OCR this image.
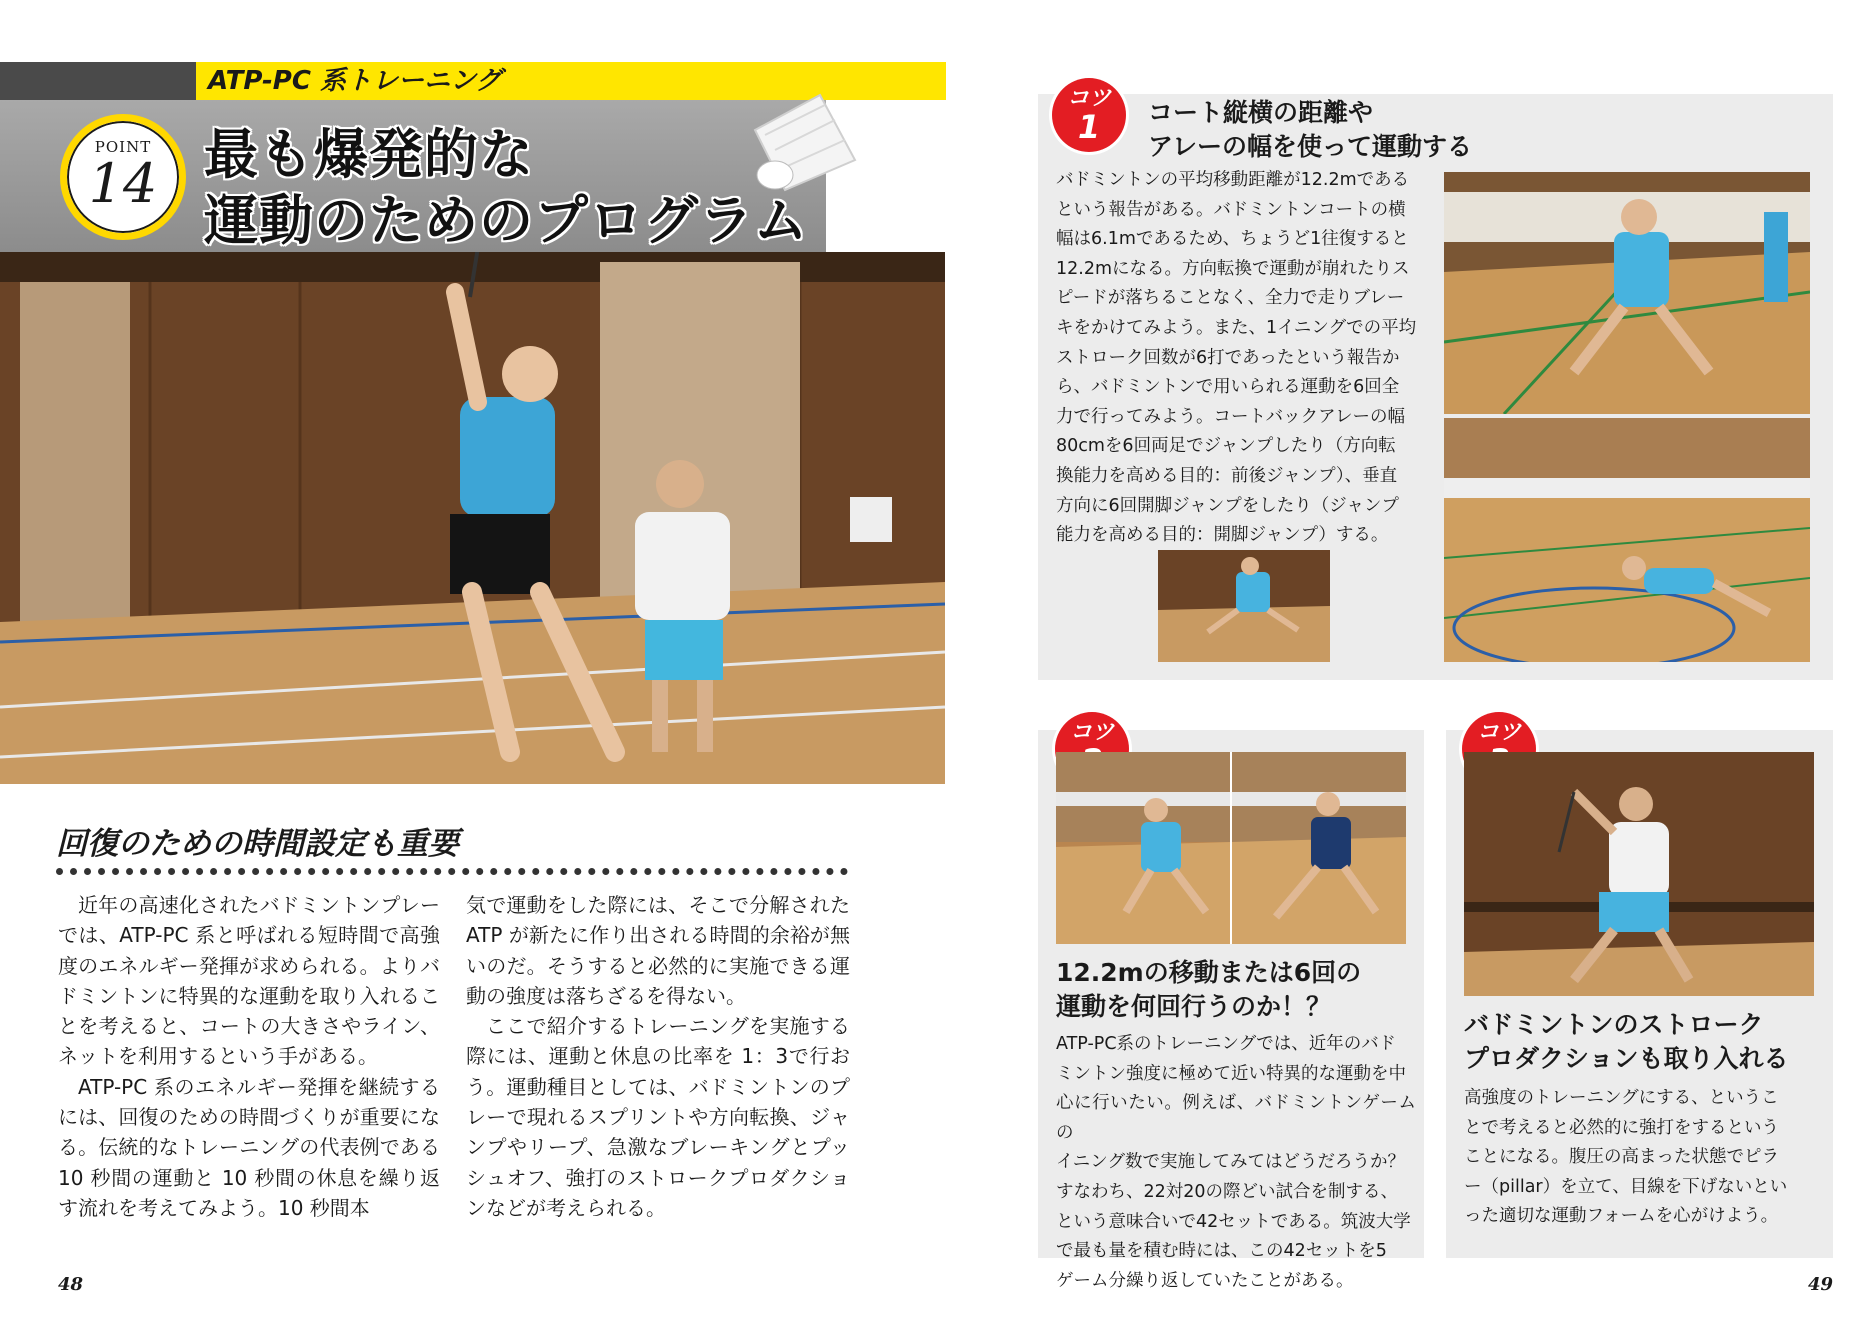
ATP-PC 系トレーニング
POINT
14 最も爆発的な
運動のためのプログラム
回復のための時間設定も重要

近年の高速化されたバドミントンプレーでは、ATP-PC 系と呼ばれる短時間で高強度のエネルギー発揮が求められる。よりバドミントンに特異的な運動を取り入れることを考えると、コートの大きさやライン、ネットを利用するという手がある。

ATP-PC 系のエネルギー発揮を継続するには、回復のための時間づくりが重要になる。伝統的なトレーニングの代表例である 10 秒間の運動と 10 秒間の休息を繰り返す流れを考えてみよう。10 秒間本

気で運動をした際には、そこで分解された ATP が新たに作り出される時間的余裕が無いのだ。そうすると必然的に実施できる運動の強度は落ちざるを得ない。

ここで紹介するトレーニングを実施する際には、運動と休息の比率を 1：3で行おう。運動種目としては、バドミントンのプレーで現れるスプリントや方向転換、ジャンプやリープ、急激なブレーキングとプッシュオフ、強打のストロークプロダクションなどが考えられる。

48
コツ
1	コート縦横の距離や
アレーの幅を使って運動する
バドミントンの平均移動距離が12.2mである
という報告がある。バドミントンコートの横
幅は6.1mであるため、ちょうど1往復すると
12.2mになる。方向転換で運動が崩れたりス
ピードが落ちることなく、全力で走りブレー
キをかけてみよう。また、1イニングでの平均
ストローク回数が6打であったという報告か
ら、バドミントンで用いられる運動を6回全
力で行ってみよう。コートバックアレーの幅
80cmを6回両足でジャンプしたり（方向転
換能力を高める目的：前後ジャンプ）、垂直
方向に6回開脚ジャンプをしたり（ジャンプ
能力を高める目的：開脚ジャンプ）する。
コツ
12.2mの移動または6回の
運動を何回行うのか！？
ATP-PC系のトレーニングでは、近年のバド
ミントン強度に極めて近い特異的な運動を中
心に行いたい。例えば、バドミントンゲームの
イニング数で実施してみてはどうだろうか？
すなわち、22対20の際どい試合を制する、
という意味合いで42セットである。筑波大学
で最も量を積む時には、この42セットを5
ゲーム分繰り返していたことがある。
コツ
バドミントンのストローク
プロダクションも取り入れる
高強度のトレーニングにする、というこ
とで考えると必然的に強打をするという
ことになる。腹圧の高まった状態でピラ
ー（pillar）を立て、目線を下げないとい
った適切な運動フォームを心がけよう。
49
